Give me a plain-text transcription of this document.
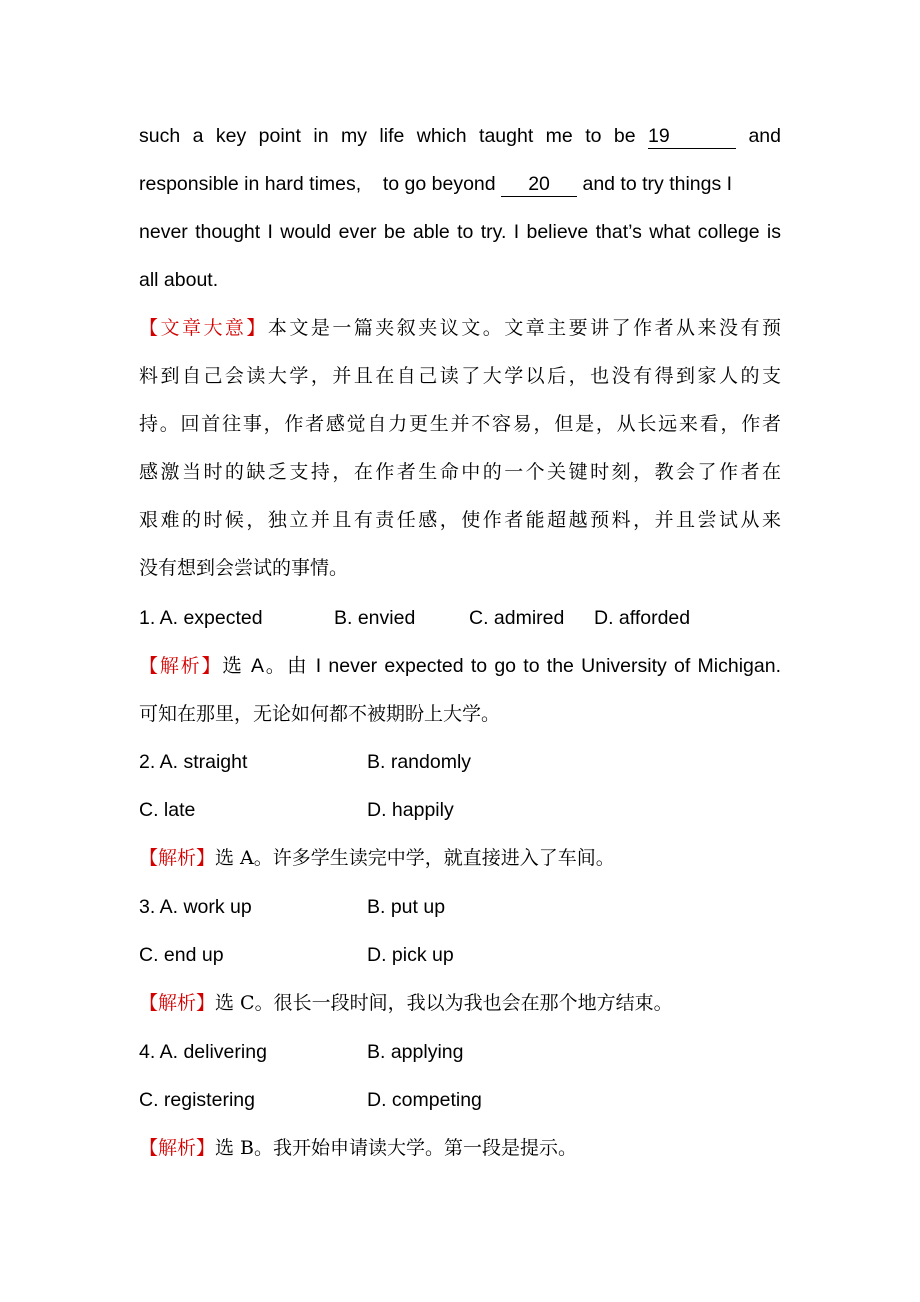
such a key point in my life which taught me to be 19	and
responsible in hard times,    to go beyond 20 and to try things I
never thought I would ever be able to try. I believe that’s what college is
all about.
【文章大意】本文是一篇夹叙夹议文。文章主要讲了作者从来没有预
料到自己会读大学，并且在自己读了大学以后，也没有得到家人的支
持。回首往事，作者感觉自力更生并不容易，但是，从长远来看，作者
感激当时的缺乏支持，在作者生命中的一个关键时刻，教会了作者在
艰难的时候，独立并且有责任感，使作者能超越预料，并且尝试从来
没有想到会尝试的事情。
1. A. expected	B. envied	C. admired D. afforded
【解析】选 A。由 I never expected to go to the University of Michigan.
可知在那里，无论如何都不被期盼上大学。
2. A. straight	B. randomly
C. late	D. happily
【解析】选 A。许多学生读完中学，就直接进入了车间。
3. A. work up	B. put up
C. end up	D. pick up
【解析】选 C。很长一段时间，我以为我也会在那个地方结束。
4. A. delivering	B. applying
C. registering	D. competing
【解析】选 B。我开始申请读大学。第一段是提示。
